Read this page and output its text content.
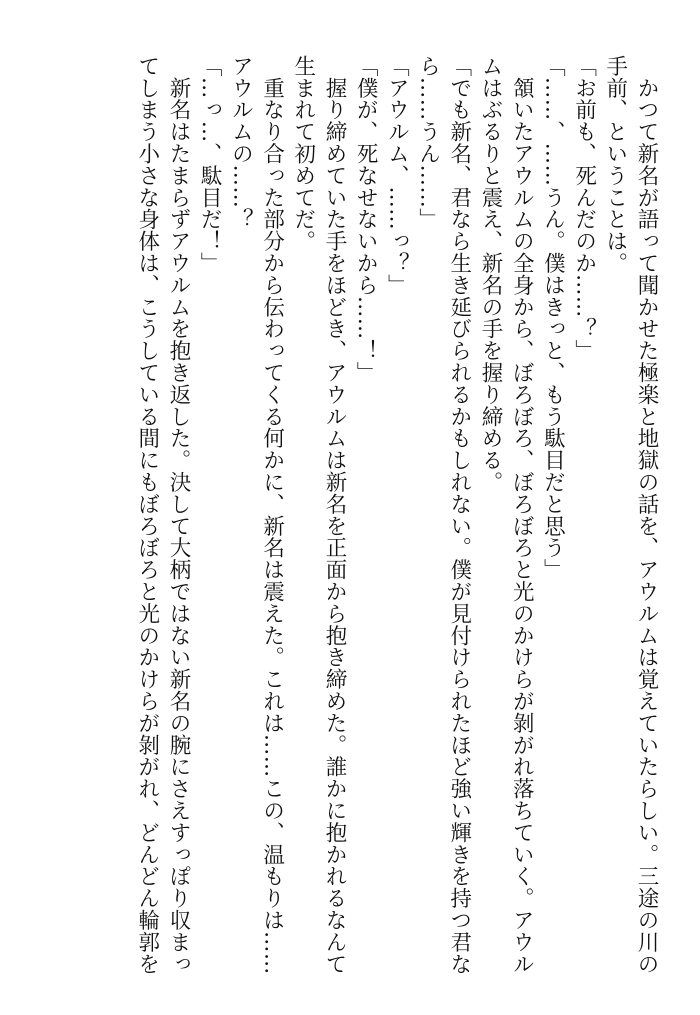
　かつて新名が語って聞かせた極楽と地獄の話を、アウルムは覚えていたらしい。三途の川の
手前、ということは。
「お前も、死んだのか……？」
「……、……うん。僕はきっと、もう駄目だと思う」
　頷いたアウルムの全身から、ぼろぼろ、ぼろぼろと光のかけらが剝がれ落ちていく。アウル
ムはぶるりと震え、新名の手を握り締める。
「でも新名、君なら生き延びられるかもしれない。僕が見付けられたほど強い輝きを持つ君な
ら……うん……」
「アウルム、……っ？」
「僕が、死なせないから……！」
　握り締めていた手をほどき、アウルムは新名を正面から抱き締めた。誰かに抱かれるなんて
生まれて初めてだ。
　重なり合った部分から伝わってくる何かに、新名は震えた。これは……この、温もりは……
アウルムの……？
「…っ…、駄目だ！」
　新名はたまらずアウルムを抱き返した。決して大柄ではない新名の腕にさえすっぽり収まっ
てしまう小さな身体は、こうしている間にもぼろぼろと光のかけらが剝がれ、どんどん輪郭を
